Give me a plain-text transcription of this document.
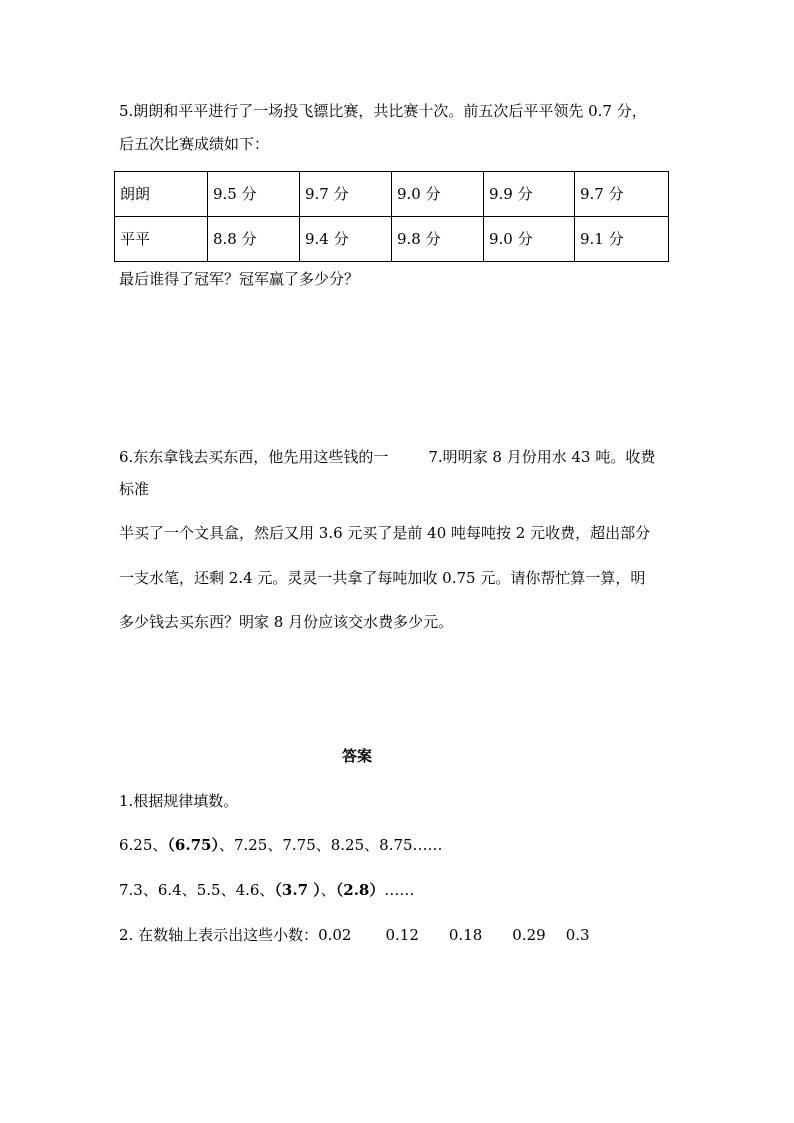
5.朗朗和平平进行了一场投飞镖比赛，共比赛十次。前五次后平平领先 0.7 分，
后五次比赛成绩如下：
朗朗	9.5 分	9.7 分	9.0 分	9.9 分	9.7 分
平平	8.8 分	9.4 分	9.8 分	9.0 分	9.1 分
最后谁得了冠军？冠军赢了多少分？
6.东东拿钱去买东西，他先用这些钱的一	7.明明家 8 月份用水 43 吨。收费
标准
半买了一个文具盒，然后又用 3.6 元买了是前 40 吨每吨按 2 元收费，超出部分
一支水笔，还剩 2.4 元。灵灵一共拿了每吨加收 0.75 元。请你帮忙算一算，明
多少钱去买东西？明家 8 月份应该交水费多少元。
答案
1.根据规律填数。
6.25、（6.75）、7.25、7.75、8.25、8.75……
7.3、6.4、5.5、4.6、（3.7 ）、（2.8）……
2. 在数轴上表示出这些小数：0.02 0.12 0.18 0.29 0.3
